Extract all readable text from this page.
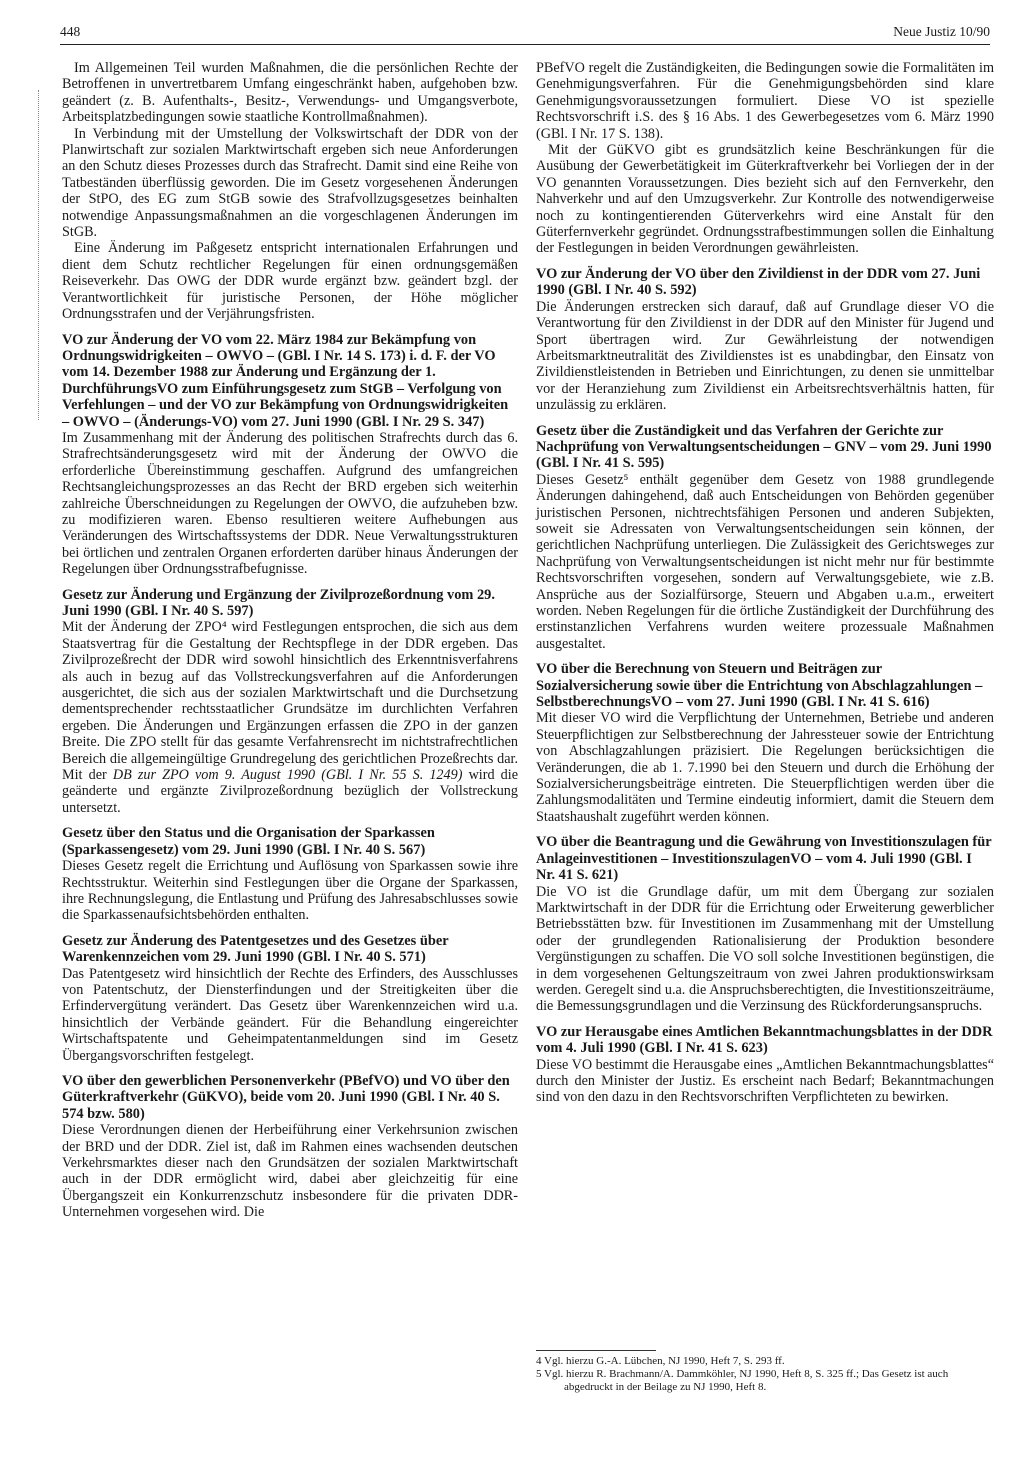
448	Neue Justiz 10/90

Im Allgemeinen Teil wurden Maßnahmen, die die persönlichen Rechte der Betroffenen in unvertretbarem Umfang eingeschränkt haben, aufgehoben bzw. geändert (z. B. Aufenthalts-, Besitz-, Verwendungs- und Umgangsverbote, Arbeitsplatzbedingungen sowie staatliche Kontrollmaßnahmen).

In Verbindung mit der Umstellung der Volkswirtschaft der DDR von der Planwirtschaft zur sozialen Marktwirtschaft ergeben sich neue Anforderungen an den Schutz dieses Prozesses durch das Strafrecht. Damit sind eine Reihe von Tatbeständen überflüssig geworden. Die im Gesetz vorgesehenen Änderungen der StPO, des EG zum StGB sowie des Strafvollzugsgesetzes beinhalten notwendige Anpassungsmaßnahmen an die vorgeschlagenen Änderungen im StGB.

Eine Änderung im Paßgesetz entspricht internationalen Erfahrungen und dient dem Schutz rechtlicher Regelungen für einen ordnungsgemäßen Reiseverkehr. Das OWG der DDR wurde ergänzt bzw. geändert bzgl. der Verantwortlichkeit für juristische Personen, der Höhe möglicher Ordnungsstrafen und der Verjährungsfristen.

VO zur Änderung der VO vom 22. März 1984 zur Bekämpfung von Ordnungswidrigkeiten – OWVO – (GBl. I Nr. 14 S. 173) i. d. F. der VO vom 14. Dezember 1988 zur Änderung und Ergänzung der 1. DurchführungsVO zum Einführungsgesetz zum StGB – Verfolgung von Verfehlungen – und der VO zur Bekämpfung von Ordnungswidrigkeiten – OWVO – (Änderungs-VO) vom 27. Juni 1990 (GBl. I Nr. 29 S. 347)

Im Zusammenhang mit der Änderung des politischen Strafrechts durch das 6. Strafrechtsänderungsgesetz wird mit der Änderung der OWVO die erforderliche Übereinstimmung geschaffen. Aufgrund des umfangreichen Rechtsangleichungsprozesses an das Recht der BRD ergeben sich weiterhin zahlreiche Überschneidungen zu Regelungen der OWVO, die aufzuheben bzw. zu modifizieren waren. Ebenso resultieren weitere Aufhebungen aus Veränderungen des Wirtschaftssystems der DDR. Neue Verwaltungsstrukturen bei örtlichen und zentralen Organen erforderten darüber hinaus Änderungen der Regelungen über Ordnungsstrafbefugnisse.

Gesetz zur Änderung und Ergänzung der Zivilprozeßordnung vom 29. Juni 1990 (GBl. I Nr. 40 S. 597)

Mit der Änderung der ZPO⁴ wird Festlegungen entsprochen, die sich aus dem Staatsvertrag für die Gestaltung der Rechtspflege in der DDR ergeben. Das Zivilprozeßrecht der DDR wird sowohl hinsichtlich des Erkenntnisverfahrens als auch in bezug auf das Vollstreckungsverfahren auf die Anforderungen ausgerichtet, die sich aus der sozialen Marktwirtschaft und die Durchsetzung dementsprechender rechtsstaatlicher Grundsätze im durchlichten Verfahren ergeben. Die Änderungen und Ergänzungen erfassen die ZPO in der ganzen Breite. Die ZPO stellt für das gesamte Verfahrensrecht im nichtstrafrechtlichen Bereich die allgemeingültige Grundregelung des gerichtlichen Prozeßrechts dar. Mit der DB zur ZPO vom 9. August 1990 (GBl. I Nr. 55 S. 1249) wird die geänderte und ergänzte Zivilprozeßordnung bezüglich der Vollstreckung untersetzt.

Gesetz über den Status und die Organisation der Sparkassen (Sparkassengesetz) vom 29. Juni 1990 (GBl. I Nr. 40 S. 567)

Dieses Gesetz regelt die Errichtung und Auflösung von Sparkassen sowie ihre Rechtsstruktur. Weiterhin sind Festlegungen über die Organe der Sparkassen, ihre Rechnungslegung, die Entlastung und Prüfung des Jahresabschlusses sowie die Sparkassenaufsichtsbehörden enthalten.

Gesetz zur Änderung des Patentgesetzes und des Gesetzes über Warenkennzeichen vom 29. Juni 1990 (GBl. I Nr. 40 S. 571)

Das Patentgesetz wird hinsichtlich der Rechte des Erfinders, des Ausschlusses von Patentschutz, der Diensterfindungen und der Streitigkeiten über die Erfindervergütung verändert. Das Gesetz über Warenkennzeichen wird u.a. hinsichtlich der Verbände geändert. Für die Behandlung eingereichter Wirtschaftspatente und Geheimpatentanmeldungen sind im Gesetz Übergangsvorschriften festgelegt.

VO über den gewerblichen Personenverkehr (PBefVO) und VO über den Güterkraftverkehr (GüKVO), beide vom 20. Juni 1990 (GBl. I Nr. 40 S. 574 bzw. 580)

Diese Verordnungen dienen der Herbeiführung einer Verkehrsunion zwischen der BRD und der DDR. Ziel ist, daß im Rahmen eines wachsenden deutschen Verkehrsmarktes dieser nach den Grundsätzen der sozialen Marktwirtschaft auch in der DDR ermöglicht wird, dabei aber gleichzeitig für eine Übergangszeit ein Konkurrenzschutz insbesondere für die privaten DDR-Unternehmen vorgesehen wird. Die

PBefVO regelt die Zuständigkeiten, die Bedingungen sowie die Formalitäten im Genehmigungsverfahren. Für die Genehmigungsbehörden sind klare Genehmigungsvoraussetzungen formuliert. Diese VO ist spezielle Rechtsvorschrift i.S. des § 16 Abs. 1 des Gewerbegesetzes vom 6. März 1990 (GBl. I Nr. 17 S. 138).

Mit der GüKVO gibt es grundsätzlich keine Beschränkungen für die Ausübung der Gewerbetätigkeit im Güterkraftverkehr bei Vorliegen der in der VO genannten Voraussetzungen. Dies bezieht sich auf den Fernverkehr, den Nahverkehr und auf den Umzugsverkehr. Zur Kontrolle des notwendigerweise noch zu kontingentierenden Güterverkehrs wird eine Anstalt für den Güterfernverkehr gegründet. Ordnungsstrafbestimmungen sollen die Einhaltung der Festlegungen in beiden Verordnungen gewährleisten.

VO zur Änderung der VO über den Zivildienst in der DDR vom 27. Juni 1990 (GBl. I Nr. 40 S. 592)

Die Änderungen erstrecken sich darauf, daß auf Grundlage dieser VO die Verantwortung für den Zivildienst in der DDR auf den Minister für Jugend und Sport übertragen wird. Zur Gewährleistung der notwendigen Arbeitsmarktneutralität des Zivildienstes ist es unabdingbar, den Einsatz von Zivildienstleistenden in Betrieben und Einrichtungen, zu denen sie unmittelbar vor der Heranziehung zum Zivildienst ein Arbeitsrechtsverhältnis hatten, für unzulässig zu erklären.

Gesetz über die Zuständigkeit und das Verfahren der Gerichte zur Nachprüfung von Verwaltungsentscheidungen – GNV – vom 29. Juni 1990 (GBl. I Nr. 41 S. 595)

Dieses Gesetz⁵ enthält gegenüber dem Gesetz von 1988 grundlegende Änderungen dahingehend, daß auch Entscheidungen von Behörden gegenüber juristischen Personen, nichtrechtsfähigen Personen und anderen Subjekten, soweit sie Adressaten von Verwaltungsentscheidungen sein können, der gerichtlichen Nachprüfung unterliegen. Die Zulässigkeit des Gerichtsweges zur Nachprüfung von Verwaltungsentscheidungen ist nicht mehr nur für bestimmte Rechtsvorschriften vorgesehen, sondern auf Verwaltungsgebiete, wie z.B. Ansprüche aus der Sozialfürsorge, Steuern und Abgaben u.a.m., erweitert worden. Neben Regelungen für die örtliche Zuständigkeit der Durchführung des erstinstanzlichen Verfahrens wurden weitere prozessuale Maßnahmen ausgestaltet.

VO über die Berechnung von Steuern und Beiträgen zur Sozialversicherung sowie über die Entrichtung von Abschlagzahlungen – SelbstberechnungsVO – vom 27. Juni 1990 (GBl. I Nr. 41 S. 616)

Mit dieser VO wird die Verpflichtung der Unternehmen, Betriebe und anderen Steuerpflichtigen zur Selbstberechnung der Jahressteuer sowie der Entrichtung von Abschlagzahlungen präzisiert. Die Regelungen berücksichtigen die Veränderungen, die ab 1. 7.1990 bei den Steuern und durch die Erhöhung der Sozialversicherungsbeiträge eintreten. Die Steuerpflichtigen werden über die Zahlungsmodalitäten und Termine eindeutig informiert, damit die Steuern dem Staatshaushalt zugeführt werden können.

VO über die Beantragung und die Gewährung von Investitionszulagen für Anlageinvestitionen – InvestitionszulagenVO – vom 4. Juli 1990 (GBl. I Nr. 41 S. 621)

Die VO ist die Grundlage dafür, um mit dem Übergang zur sozialen Marktwirtschaft in der DDR für die Errichtung oder Erweiterung gewerblicher Betriebsstätten bzw. für Investitionen im Zusammenhang mit der Umstellung oder der grundlegenden Rationalisierung der Produktion besondere Vergünstigungen zu schaffen. Die VO soll solche Investitionen begünstigen, die in dem vorgesehenen Geltungszeitraum von zwei Jahren produktionswirksam werden. Geregelt sind u.a. die Anspruchsberechtigten, die Investitionszeiträume, die Bemessungsgrundlagen und die Verzinsung des Rückforderungsanspruchs.

VO zur Herausgabe eines Amtlichen Bekanntmachungsblattes in der DDR vom 4. Juli 1990 (GBl. I Nr. 41 S. 623)

Diese VO bestimmt die Herausgabe eines „Amtlichen Bekanntmachungsblattes“ durch den Minister der Justiz. Es erscheint nach Bedarf; Bekanntmachungen sind von den dazu in den Rechtsvorschriften Verpflichteten zu bewirken.

4 Vgl. hierzu G.-A. Lübchen, NJ 1990, Heft 7, S. 293 ff.

5 Vgl. hierzu R. Brachmann/A. Dammköhler, NJ 1990, Heft 8, S. 325 ff.; Das Gesetz ist auch abgedruckt in der Beilage zu NJ 1990, Heft 8.
